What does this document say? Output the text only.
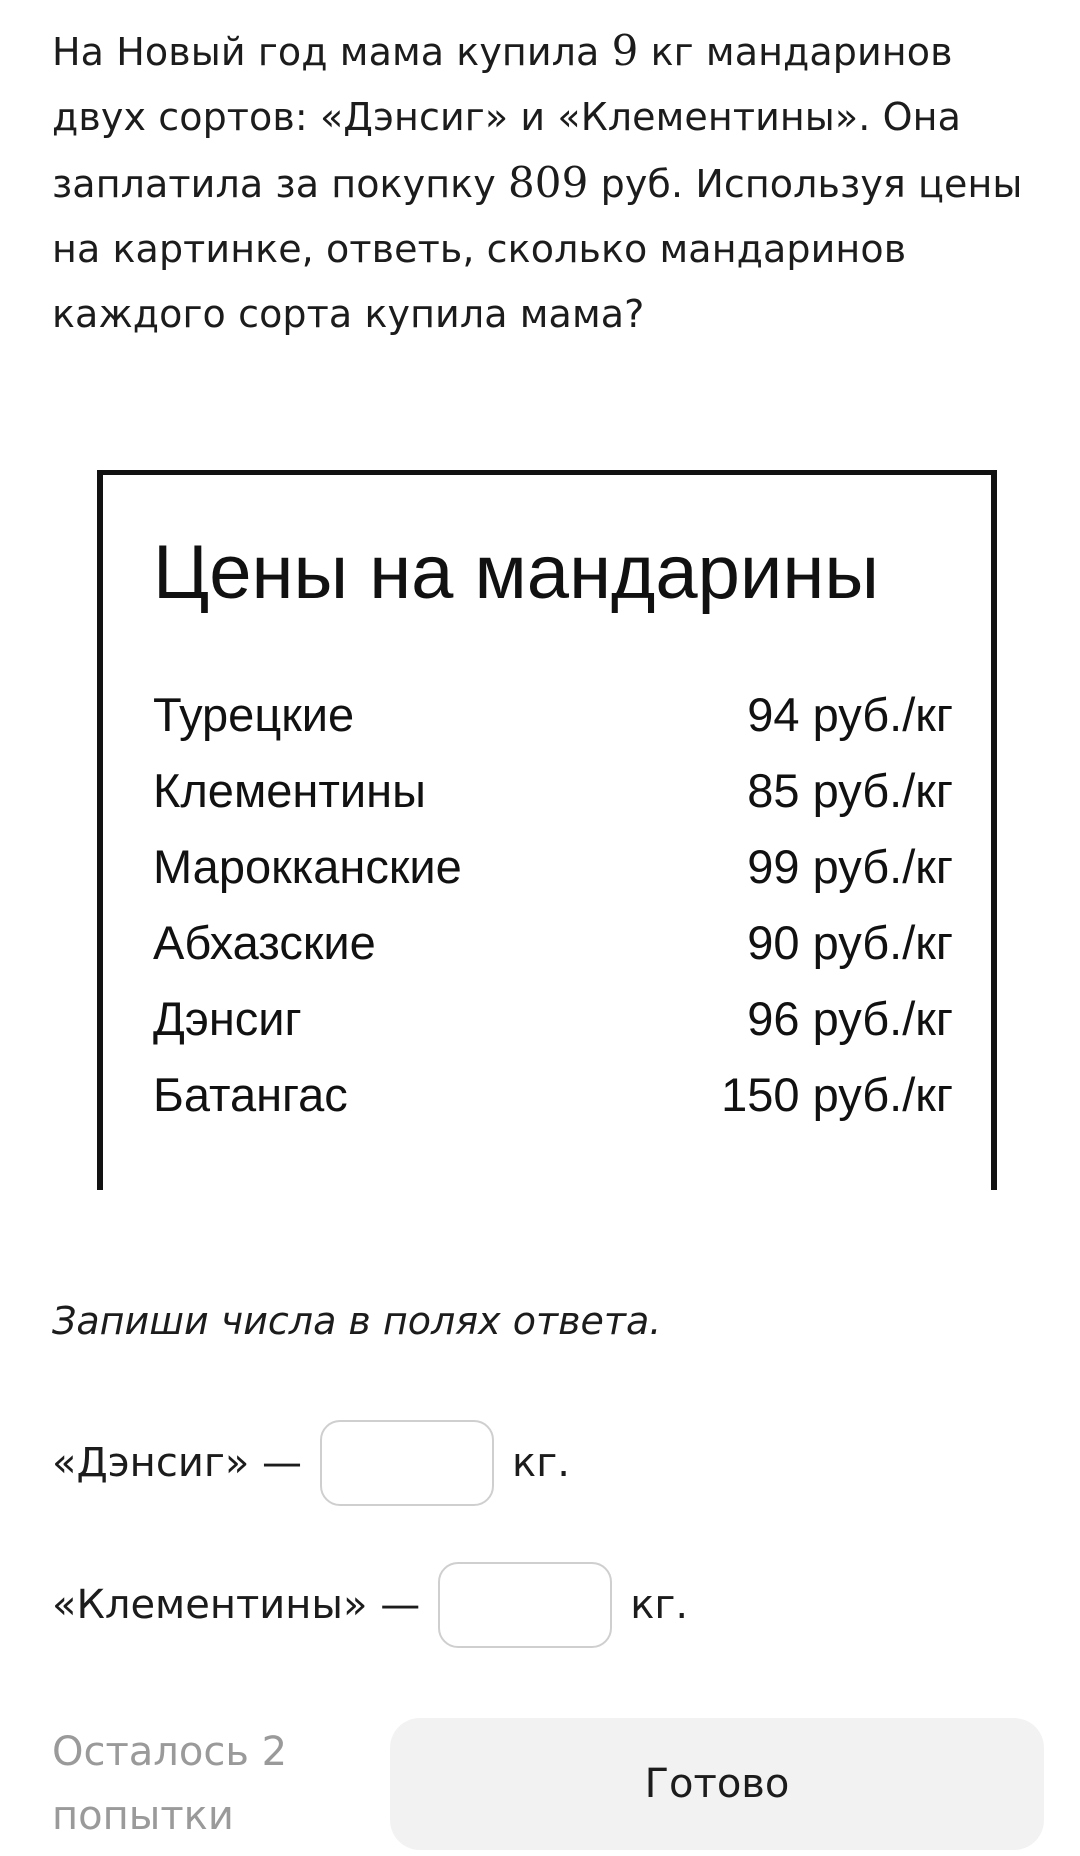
На Новый год мама купила 9 кг мандаринов двух сортов: «Дэнсиг» и «Клементины». Она заплатила за покупку 809 руб. Используя цены на картинке, ответь, сколько мандаринов каждого сорта купила мама?

Цены на мандарины
Турецкие	94 руб./кг
Клементины	85 руб./кг
Марокканские	99 руб./кг
Абхазские	90 руб./кг
Дэнсиг	96 руб./кг
Батангас	150 руб./кг

Запиши числа в полях ответа.

«Дэнсиг» —	кг.
«Клементины» —	кг.

Осталось 2 попытки

Готово
